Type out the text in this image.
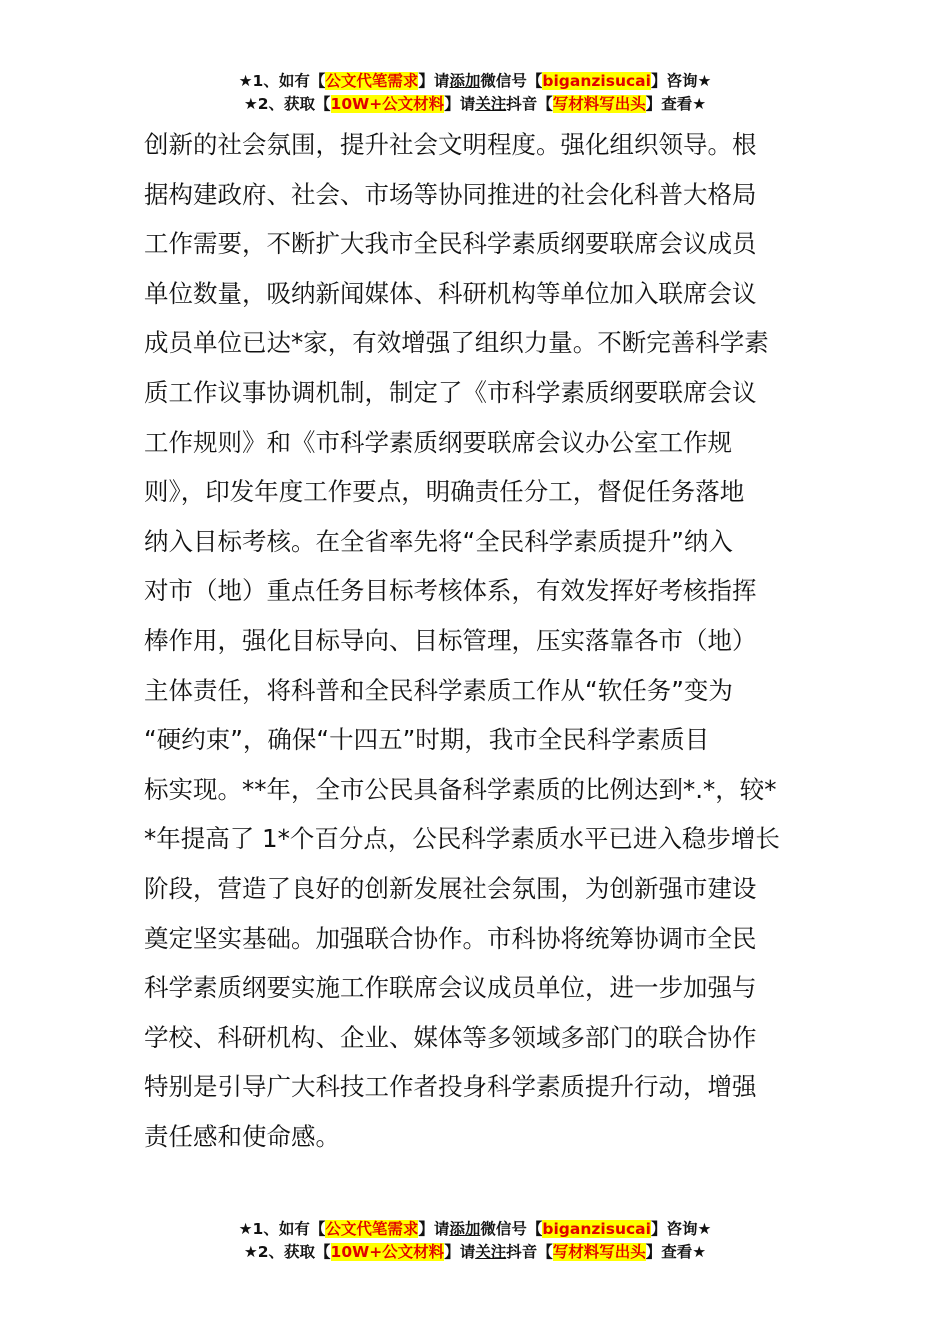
★1、如有【公文代笔需求】请添加微信号【biganzisucai】咨询★
★2、获取【10W+公文材料】请关注抖音【写材料写出头】查看★
创新的社会氛围，提升社会文明程度。强化组织领导。根
据构建政府、社会、市场等协同推进的社会化科普大格局
工作需要，不断扩大我市全民科学素质纲要联席会议成员
单位数量，吸纳新闻媒体、科研机构等单位加入联席会议
成员单位已达*家，有效增强了组织力量。不断完善科学素
质工作议事协调机制，制定了《市科学素质纲要联席会议
工作规则》和《市科学素质纲要联席会议办公室工作规
则》，印发年度工作要点，明确责任分工，督促任务落地
纳入目标考核。在全省率先将“全民科学素质提升”纳入
对市（地）重点任务目标考核体系，有效发挥好考核指挥
棒作用，强化目标导向、目标管理，压实落靠各市（地）
主体责任，将科普和全民科学素质工作从“软任务”变为
“硬约束”，确保“十四五”时期，我市全民科学素质目
标实现。**年，全市公民具备科学素质的比例达到*.*，较*
*年提高了 1*个百分点，公民科学素质水平已进入稳步增长
阶段，营造了良好的创新发展社会氛围，为创新强市建设
奠定坚实基础。加强联合协作。市科协将统筹协调市全民
科学素质纲要实施工作联席会议成员单位，进一步加强与
学校、科研机构、企业、媒体等多领域多部门的联合协作
特别是引导广大科技工作者投身科学素质提升行动，增强
责任感和使命感。
★1、如有【公文代笔需求】请添加微信号【biganzisucai】咨询★
★2、获取【10W+公文材料】请关注抖音【写材料写出头】查看★
